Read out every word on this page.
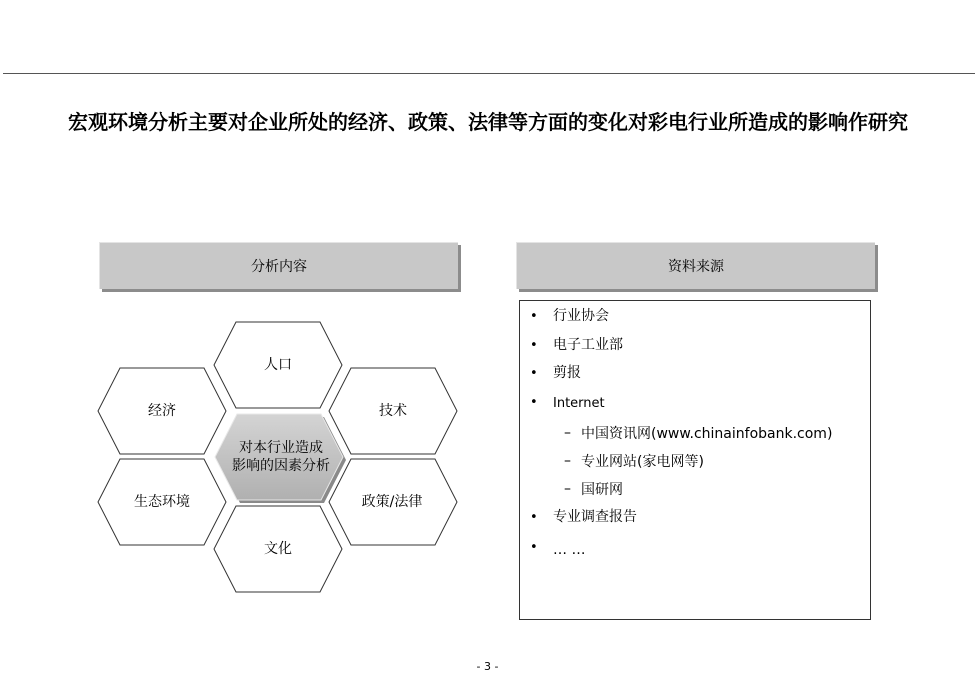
宏观环境分析主要对企业所处的经济、政策、法律等方面的变化对彩电行业所造成的影响作研究
分析内容	资料来源
人口
经济	技术
生态环境	政策/法律
文化
对本行业造成
影响的因素分析
• 行业协会
• 电子工业部
• 剪报
• Internet
– 中国资讯网(www.chinainfobank.com)
– 专业网站(家电网等)
– 国研网
• 专业调查报告
• … …
- 3 -
